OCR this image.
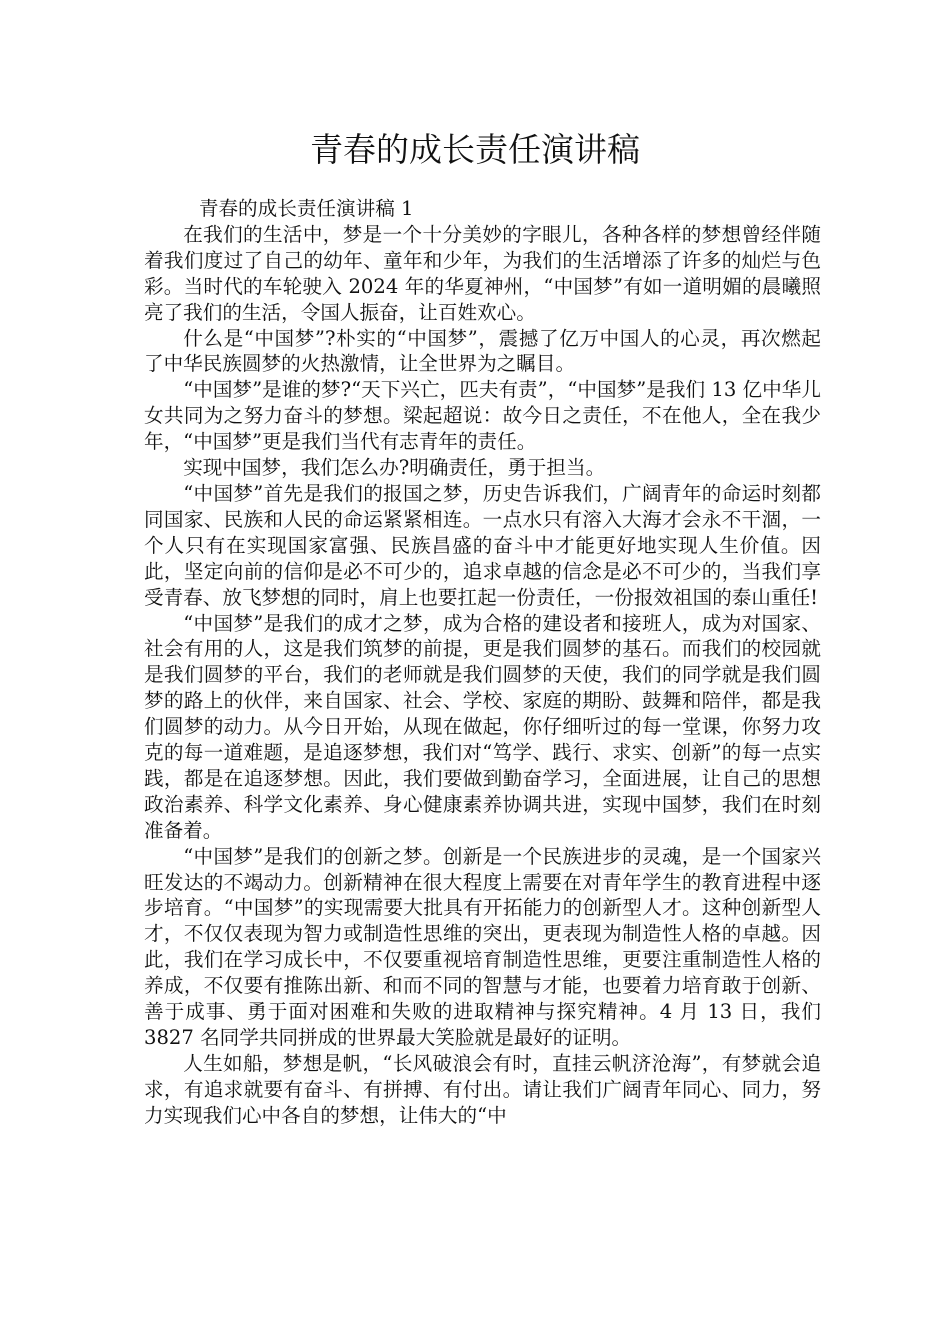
青春的成长责任演讲稿

青春的成长责任演讲稿 1

在我们的生活中，梦是一个十分美妙的字眼儿，各种各样的梦想曾经伴随着我们度过了自己的幼年、童年和少年，为我们的生活增添了许多的灿烂与色彩。当时代的车轮驶入 2024 年的华夏神州，“中国梦”有如一道明媚的晨曦照亮了我们的生活，令国人振奋，让百姓欢心。

什么是“中国梦”?朴实的“中国梦”，震撼了亿万中国人的心灵，再次燃起了中华民族圆梦的火热激情，让全世界为之瞩目。

“中国梦”是谁的梦?“天下兴亡，匹夫有责”，“中国梦”是我们 13 亿中华儿女共同为之努力奋斗的梦想。梁起超说：故今日之责任，不在他人，全在我少年，“中国梦”更是我们当代有志青年的责任。

实现中国梦，我们怎么办?明确责任，勇于担当。

“中国梦”首先是我们的报国之梦，历史告诉我们，广阔青年的命运时刻都同国家、民族和人民的命运紧紧相连。一点水只有溶入大海才会永不干涸，一个人只有在实现国家富强、民族昌盛的奋斗中才能更好地实现人生价值。因此，坚定向前的信仰是必不可少的，追求卓越的信念是必不可少的，当我们享受青春、放飞梦想的同时，肩上也要扛起一份责任，一份报效祖国的泰山重任!

“中国梦”是我们的成才之梦，成为合格的建设者和接班人，成为对国家、社会有用的人，这是我们筑梦的前提，更是我们圆梦的基石。而我们的校园就是我们圆梦的平台，我们的老师就是我们圆梦的天使，我们的同学就是我们圆梦的路上的伙伴，来自国家、社会、学校、家庭的期盼、鼓舞和陪伴，都是我们圆梦的动力。从今日开始，从现在做起，你仔细听过的每一堂课，你努力攻克的每一道难题，是追逐梦想，我们对“笃学、践行、求实、创新”的每一点实践，都是在追逐梦想。因此，我们要做到勤奋学习，全面进展，让自己的思想政治素养、科学文化素养、身心健康素养协调共进，实现中国梦，我们在时刻准备着。

“中国梦”是我们的创新之梦。创新是一个民族进步的灵魂，是一个国家兴旺发达的不竭动力。创新精神在很大程度上需要在对青年学生的教育进程中逐步培育。“中国梦”的实现需要大批具有开拓能力的创新型人才。这种创新型人才，不仅仅表现为智力或制造性思维的突出，更表现为制造性人格的卓越。因此，我们在学习成长中，不仅要重视培育制造性思维，更要注重制造性人格的养成，不仅要有推陈出新、和而不同的智慧与才能，也要着力培育敢于创新、善于成事、勇于面对困难和失败的进取精神与探究精神。4 月 13 日，我们 3827 名同学共同拼成的世界最大笑脸就是最好的证明。

人生如船，梦想是帆，“长风破浪会有时，直挂云帆济沧海”，有梦就会追求，有追求就要有奋斗、有拼搏、有付出。请让我们广阔青年同心、同力，努力实现我们心中各自的梦想，让伟大的“中
